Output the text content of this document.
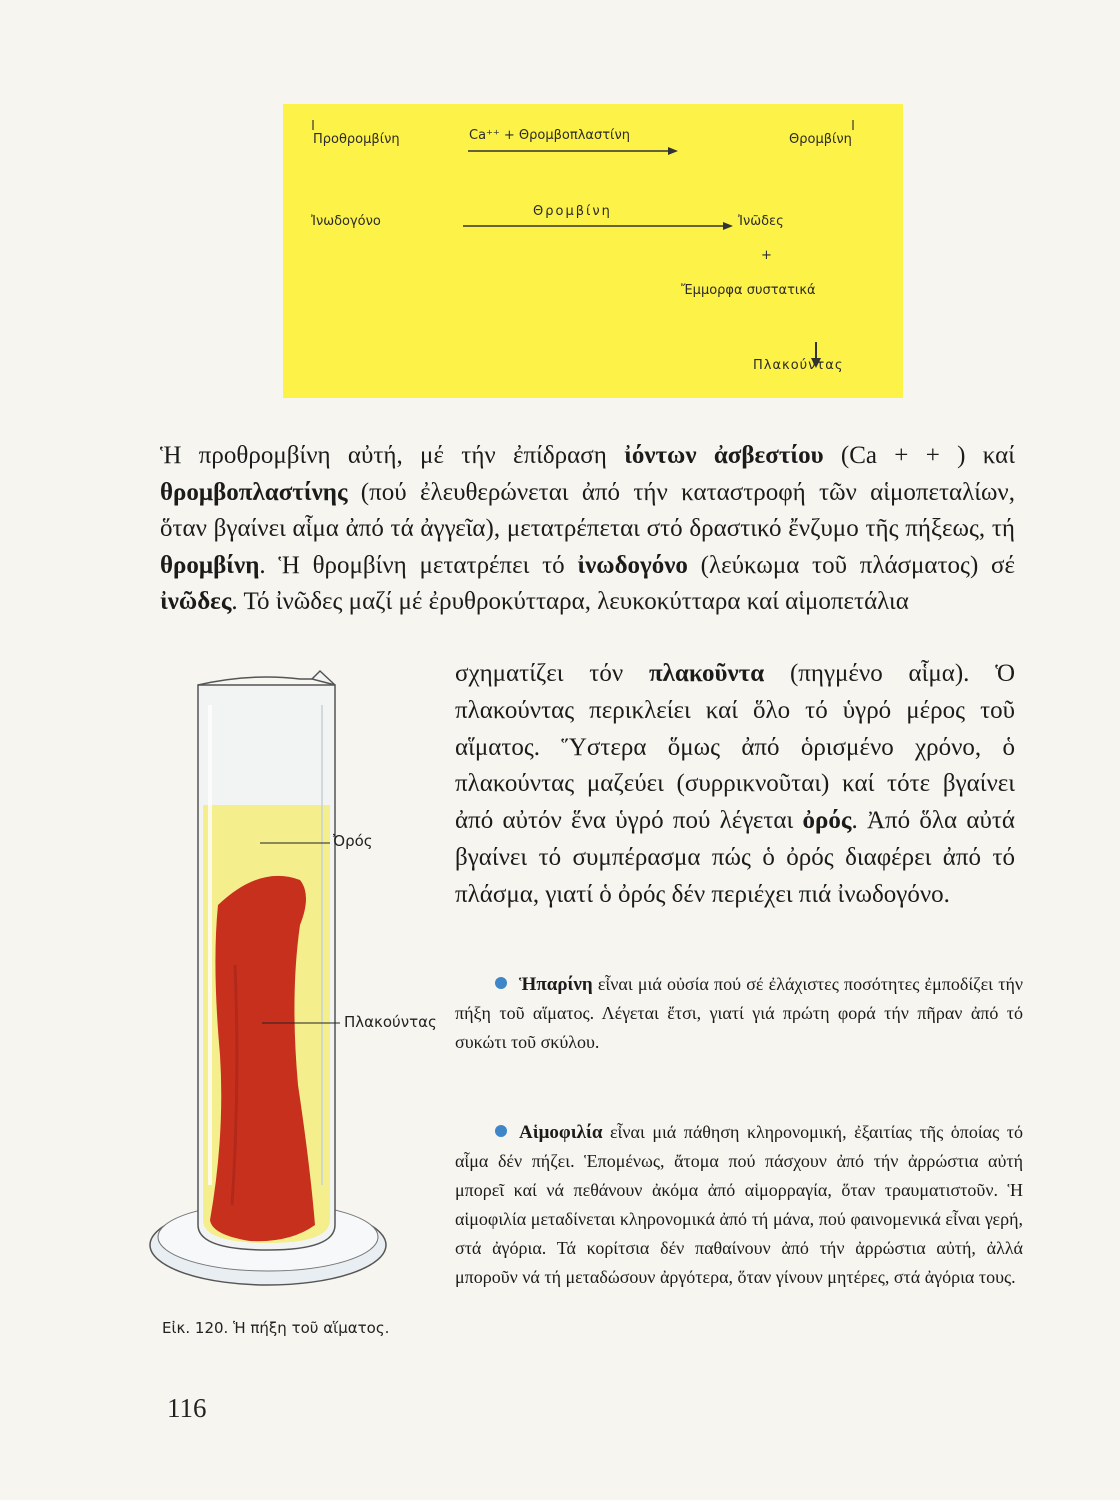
Προθρομβίνη	Ca⁺⁺ + Θρομβοπλαστίνη	Θρομβίνη
Ἰνωδογόνο
Θρομβίνη
Ἰνῶδες
+
Ἔμμορφα συστατικά
Πλακούντας

Ἡ προθρομβίνη αὐτή, μέ τήν ἐπίδραση ἰόντων ἀσβεστίου (Ca + + ) καί θρομβοπλαστίνης (πού ἐλευθερώνεται ἀπό τήν καταστροφή τῶν αἱμοπεταλίων, ὅταν βγαίνει αἷμα ἀπό τά ἀγγεῖα), μετατρέπεται στό δραστικό ἔνζυμο τῆς πήξεως, τή θρομβίνη. Ἡ θρομβίνη μετατρέπει τό ἰνωδογόνο (λεύκωμα τοῦ πλάσματος) σέ ἰνῶδες. Τό ἰνῶδες μαζί μέ ἐρυθροκύτταρα, λευκοκύτταρα καί αἱμοπετάλια

σχηματίζει τόν πλακοῦντα (πηγμένο αἷμα). Ὁ πλακούντας περικλείει καί ὅλο τό ὑγρό μέρος τοῦ αἵματος. Ὕστερα ὅμως ἀπό ὁρισμένο χρόνο, ὁ πλακούντας μαζεύει (συρρικνοῦται) καί τότε βγαίνει ἀπό αὐτόν ἕνα ὑγρό πού λέγεται ὀρός. Ἀπό ὅλα αὐτά βγαίνει τό συμπέρασμα πώς ὁ ὀρός διαφέρει ἀπό τό πλάσμα, γιατί ὁ ὀρός δέν περιέχει πιά ἰνωδογόνο.

Ἡπαρίνη εἶναι μιά οὐσία πού σέ ἐλάχιστες ποσότητες ἐμποδίζει τήν πήξη τοῦ αἵματος. Λέγεται ἔτσι, γιατί γιά πρώτη φορά τήν πῆραν ἀπό τό συκώτι τοῦ σκύλου.

Αἱμοφιλία εἶναι μιά πάθηση κληρονομική, ἐξαιτίας τῆς ὁποίας τό αἷμα δέν πήζει. Ἑπομένως, ἄτομα πού πάσχουν ἀπό τήν ἀρρώστια αὐτή μπορεῖ καί νά πεθάνουν ἀκόμα ἀπό αἱμορραγία, ὅταν τραυματιστοῦν. Ἡ αἱμοφιλία μεταδίνεται κληρονομικά ἀπό τή μάνα, πού φαινομενικά εἶναι γερή, στά ἀγόρια. Τά κορίτσια δέν παθαίνουν ἀπό τήν ἀρρώστια αὐτή, ἀλλά μποροῦν νά τή μεταδώσουν ἀργότερα, ὅταν γίνουν μητέρες, στά ἀγόρια τους.

Ὀρός
Πλακούντας

Εἰκ. 120. Ἡ πήξη τοῦ αἵματος.

116
